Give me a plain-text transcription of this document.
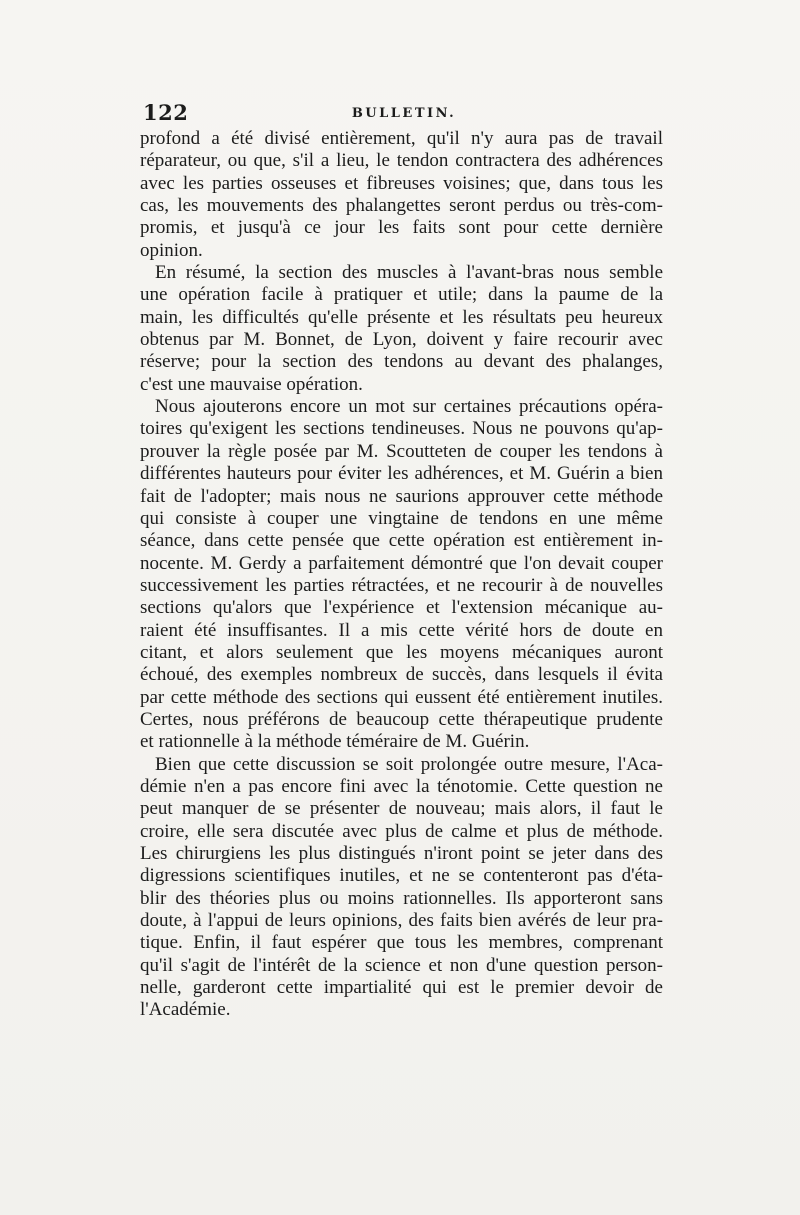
122	BULLETIN.
profond a été divisé entièrement, qu'il n'y aura pas de travail
réparateur, ou que, s'il a lieu, le tendon contractera des adhérences
avec les parties osseuses et fibreuses voisines; que, dans tous les
cas, les mouvements des phalangettes seront perdus ou très-com-
promis, et jusqu'à ce jour les faits sont pour cette dernière
opinion.
En résumé, la section des muscles à l'avant-bras nous semble
une opération facile à pratiquer et utile; dans la paume de la
main, les difficultés qu'elle présente et les résultats peu heureux
obtenus par M. Bonnet, de Lyon, doivent y faire recourir avec
réserve; pour la section des tendons au devant des phalanges,
c'est une mauvaise opération.
Nous ajouterons encore un mot sur certaines précautions opéra-
toires qu'exigent les sections tendineuses. Nous ne pouvons qu'ap-
prouver la règle posée par M. Scoutteten de couper les tendons à
différentes hauteurs pour éviter les adhérences, et M. Guérin a bien
fait de l'adopter; mais nous ne saurions approuver cette méthode
qui consiste à couper une vingtaine de tendons en une même
séance, dans cette pensée que cette opération est entièrement in-
nocente. M. Gerdy a parfaitement démontré que l'on devait couper
successivement les parties rétractées, et ne recourir à de nouvelles
sections qu'alors que l'expérience et l'extension mécanique au-
raient été insuffisantes. Il a mis cette vérité hors de doute en
citant, et alors seulement que les moyens mécaniques auront
échoué, des exemples nombreux de succès, dans lesquels il évita
par cette méthode des sections qui eussent été entièrement inutiles.
Certes, nous préférons de beaucoup cette thérapeutique prudente
et rationnelle à la méthode téméraire de M. Guérin.
Bien que cette discussion se soit prolongée outre mesure, l'Aca-
démie n'en a pas encore fini avec la ténotomie. Cette question ne
peut manquer de se présenter de nouveau; mais alors, il faut le
croire, elle sera discutée avec plus de calme et plus de méthode.
Les chirurgiens les plus distingués n'iront point se jeter dans des
digressions scientifiques inutiles, et ne se contenteront pas d'éta-
blir des théories plus ou moins rationnelles. Ils apporteront sans
doute, à l'appui de leurs opinions, des faits bien avérés de leur pra-
tique. Enfin, il faut espérer que tous les membres, comprenant
qu'il s'agit de l'intérêt de la science et non d'une question person-
nelle, garderont cette impartialité qui est le premier devoir de
l'Académie.
